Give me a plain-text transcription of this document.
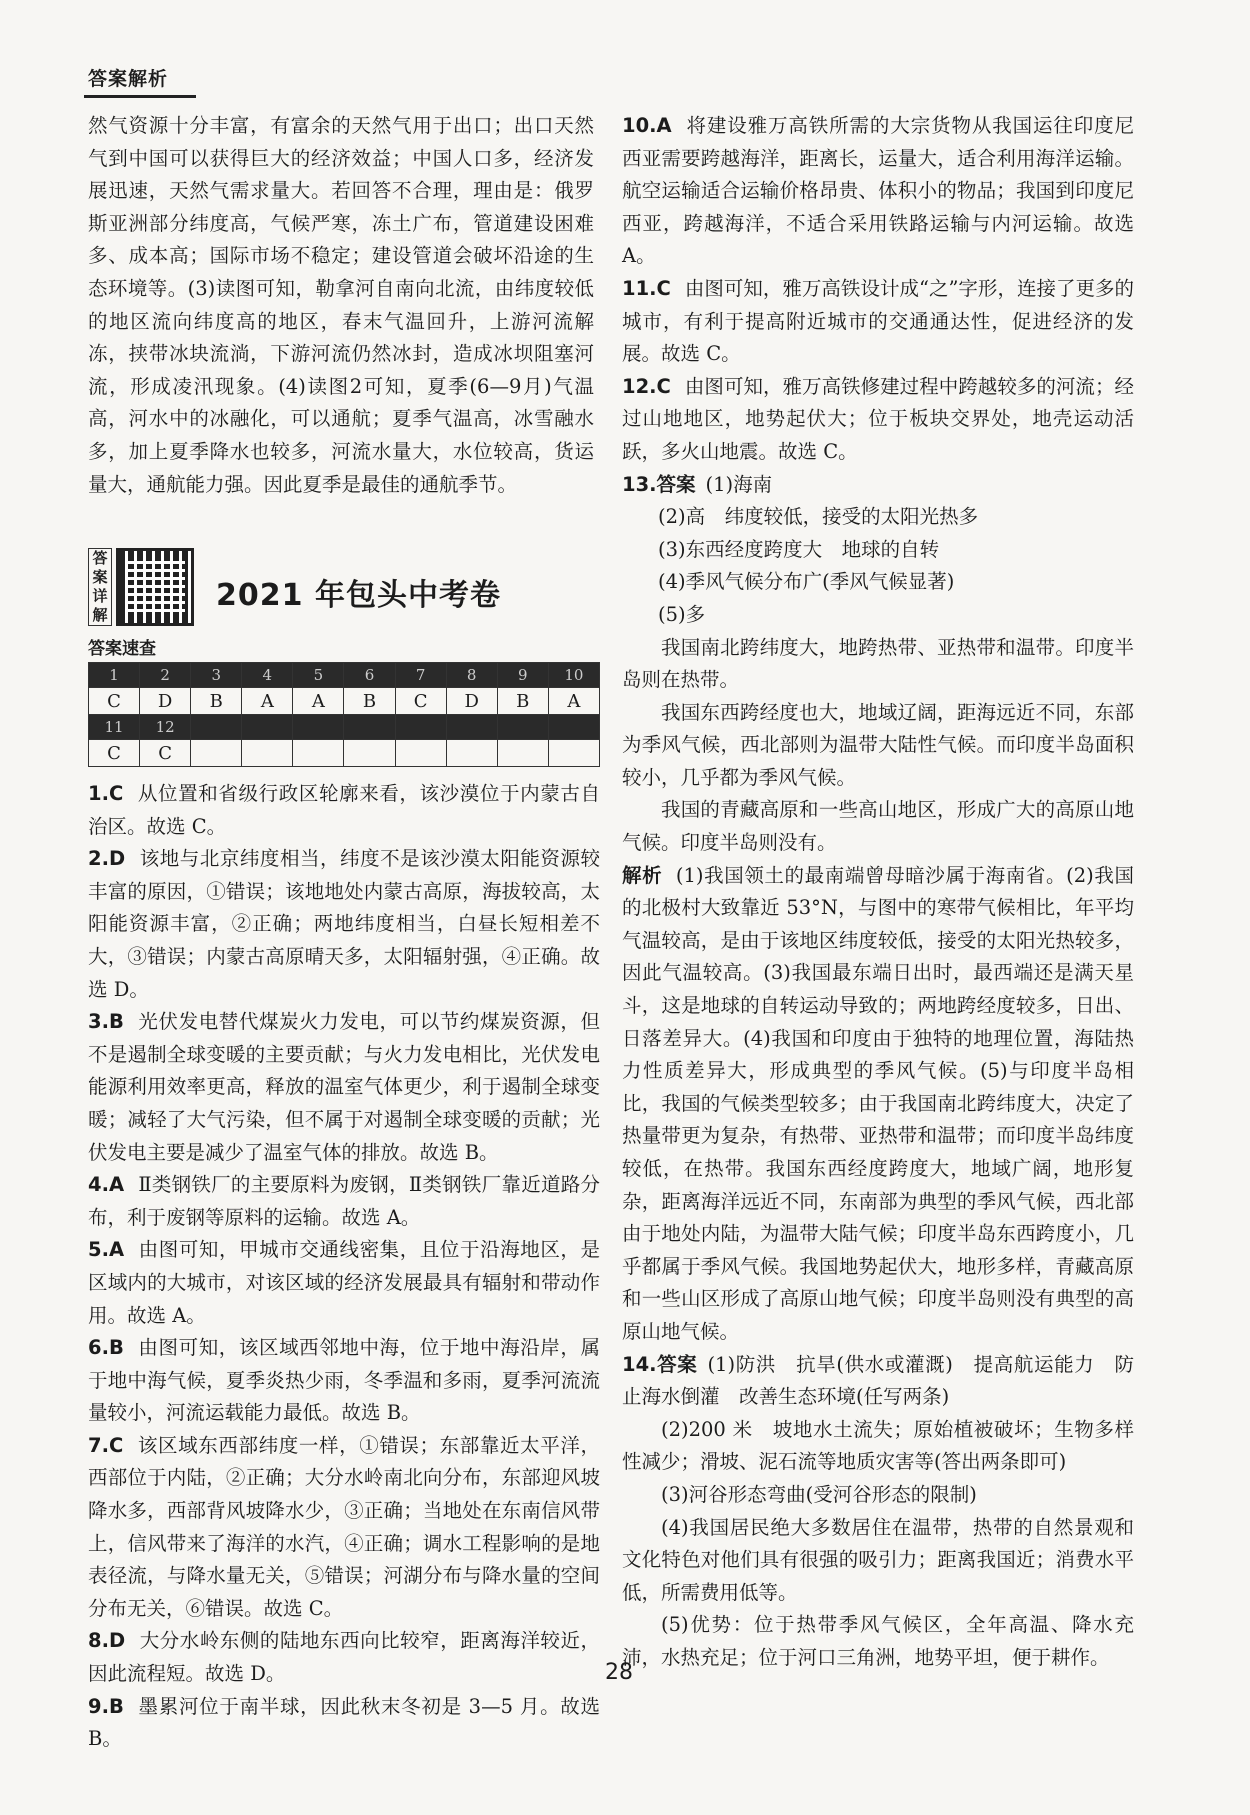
答案解析

然气资源十分丰富，有富余的天然气用于出口；出口天然气到中国可以获得巨大的经济效益；中国人口多，经济发展迅速，天然气需求量大。若回答不合理，理由是：俄罗斯亚洲部分纬度高，气候严寒，冻土广布，管道建设困难多、成本高；国际市场不稳定；建设管道会破坏沿途的生态环境等。(3)读图可知，勒拿河自南向北流，由纬度较低的地区流向纬度高的地区，春末气温回升，上游河流解冻，挟带冰块流淌，下游河流仍然冰封，造成冰坝阻塞河流，形成凌汛现象。(4)读图2可知，夏季(6—9月)气温高，河水中的冰融化，可以通航；夏季气温高，冰雪融水多，加上夏季降水也较多，河流水量大，水位较高，货运量大，通航能力强。因此夏季是最佳的通航季节。

答案详解
2021 年包头中考卷
答案速查
1	2	3	4	5	6	7	8	9	10
C	D	B	A	A	B	C	D	B	A
11	12								
C	C								

1.C 从位置和省级行政区轮廓来看，该沙漠位于内蒙古自治区。故选 C。

2.D 该地与北京纬度相当，纬度不是该沙漠太阳能资源较丰富的原因，①错误；该地地处内蒙古高原，海拔较高，太阳能资源丰富，②正确；两地纬度相当，白昼长短相差不大，③错误；内蒙古高原晴天多，太阳辐射强，④正确。故选 D。

3.B 光伏发电替代煤炭火力发电，可以节约煤炭资源，但不是遏制全球变暖的主要贡献；与火力发电相比，光伏发电能源利用效率更高，释放的温室气体更少，利于遏制全球变暖；减轻了大气污染，但不属于对遏制全球变暖的贡献；光伏发电主要是减少了温室气体的排放。故选 B。

4.A Ⅱ类钢铁厂的主要原料为废钢，Ⅱ类钢铁厂靠近道路分布，利于废钢等原料的运输。故选 A。

5.A 由图可知，甲城市交通线密集，且位于沿海地区，是区域内的大城市，对该区域的经济发展最具有辐射和带动作用。故选 A。

6.B 由图可知，该区域西邻地中海，位于地中海沿岸，属于地中海气候，夏季炎热少雨，冬季温和多雨，夏季河流流量较小，河流运载能力最低。故选 B。

7.C 该区域东西部纬度一样，①错误；东部靠近太平洋，西部位于内陆，②正确；大分水岭南北向分布，东部迎风坡降水多，西部背风坡降水少，③正确；当地处在东南信风带上，信风带来了海洋的水汽，④正确；调水工程影响的是地表径流，与降水量无关，⑤错误；河湖分布与降水量的空间分布无关，⑥错误。故选 C。

8.D 大分水岭东侧的陆地东西向比较窄，距离海洋较近，因此流程短。故选 D。

9.B 墨累河位于南半球，因此秋末冬初是 3—5 月。故选 B。

10.A 将建设雅万高铁所需的大宗货物从我国运往印度尼西亚需要跨越海洋，距离长，运量大，适合利用海洋运输。航空运输适合运输价格昂贵、体积小的物品；我国到印度尼西亚，跨越海洋，不适合采用铁路运输与内河运输。故选 A。

11.C 由图可知，雅万高铁设计成“之”字形，连接了更多的城市，有利于提高附近城市的交通通达性，促进经济的发展。故选 C。

12.C 由图可知，雅万高铁修建过程中跨越较多的河流；经过山地地区，地势起伏大；位于板块交界处，地壳运动活跃，多火山地震。故选 C。

13.答案 (1)海南

(2)高　纬度较低，接受的太阳光热多

(3)东西经度跨度大　地球的自转

(4)季风气候分布广(季风气候显著)

(5)多

我国南北跨纬度大，地跨热带、亚热带和温带。印度半岛则在热带。

我国东西跨经度也大，地域辽阔，距海远近不同，东部为季风气候，西北部则为温带大陆性气候。而印度半岛面积较小，几乎都为季风气候。

我国的青藏高原和一些高山地区，形成广大的高原山地气候。印度半岛则没有。

解析 (1)我国领土的最南端曾母暗沙属于海南省。(2)我国的北极村大致靠近 53°N，与图中的寒带气候相比，年平均气温较高，是由于该地区纬度较低，接受的太阳光热较多，因此气温较高。(3)我国最东端日出时，最西端还是满天星斗，这是地球的自转运动导致的；两地跨经度较多，日出、日落差异大。(4)我国和印度由于独特的地理位置，海陆热力性质差异大，形成典型的季风气候。(5)与印度半岛相比，我国的气候类型较多；由于我国南北跨纬度大，决定了热量带更为复杂，有热带、亚热带和温带；而印度半岛纬度较低，在热带。我国东西经度跨度大，地域广阔，地形复杂，距离海洋远近不同，东南部为典型的季风气候，西北部由于地处内陆，为温带大陆气候；印度半岛东西跨度小，几乎都属于季风气候。我国地势起伏大，地形多样，青藏高原和一些山区形成了高原山地气候；印度半岛则没有典型的高原山地气候。

14.答案 (1)防洪　抗旱(供水或灌溉)　提高航运能力　防止海水倒灌　改善生态环境(任写两条)

(2)200 米　坡地水土流失；原始植被破坏；生物多样性减少；滑坡、泥石流等地质灾害等(答出两条即可)

(3)河谷形态弯曲(受河谷形态的限制)

(4)我国居民绝大多数居住在温带，热带的自然景观和文化特色对他们具有很强的吸引力；距离我国近；消费水平低，所需费用低等。

(5)优势：位于热带季风气候区，全年高温、降水充沛，水热充足；位于河口三角洲，地势平坦，便于耕作。

28
